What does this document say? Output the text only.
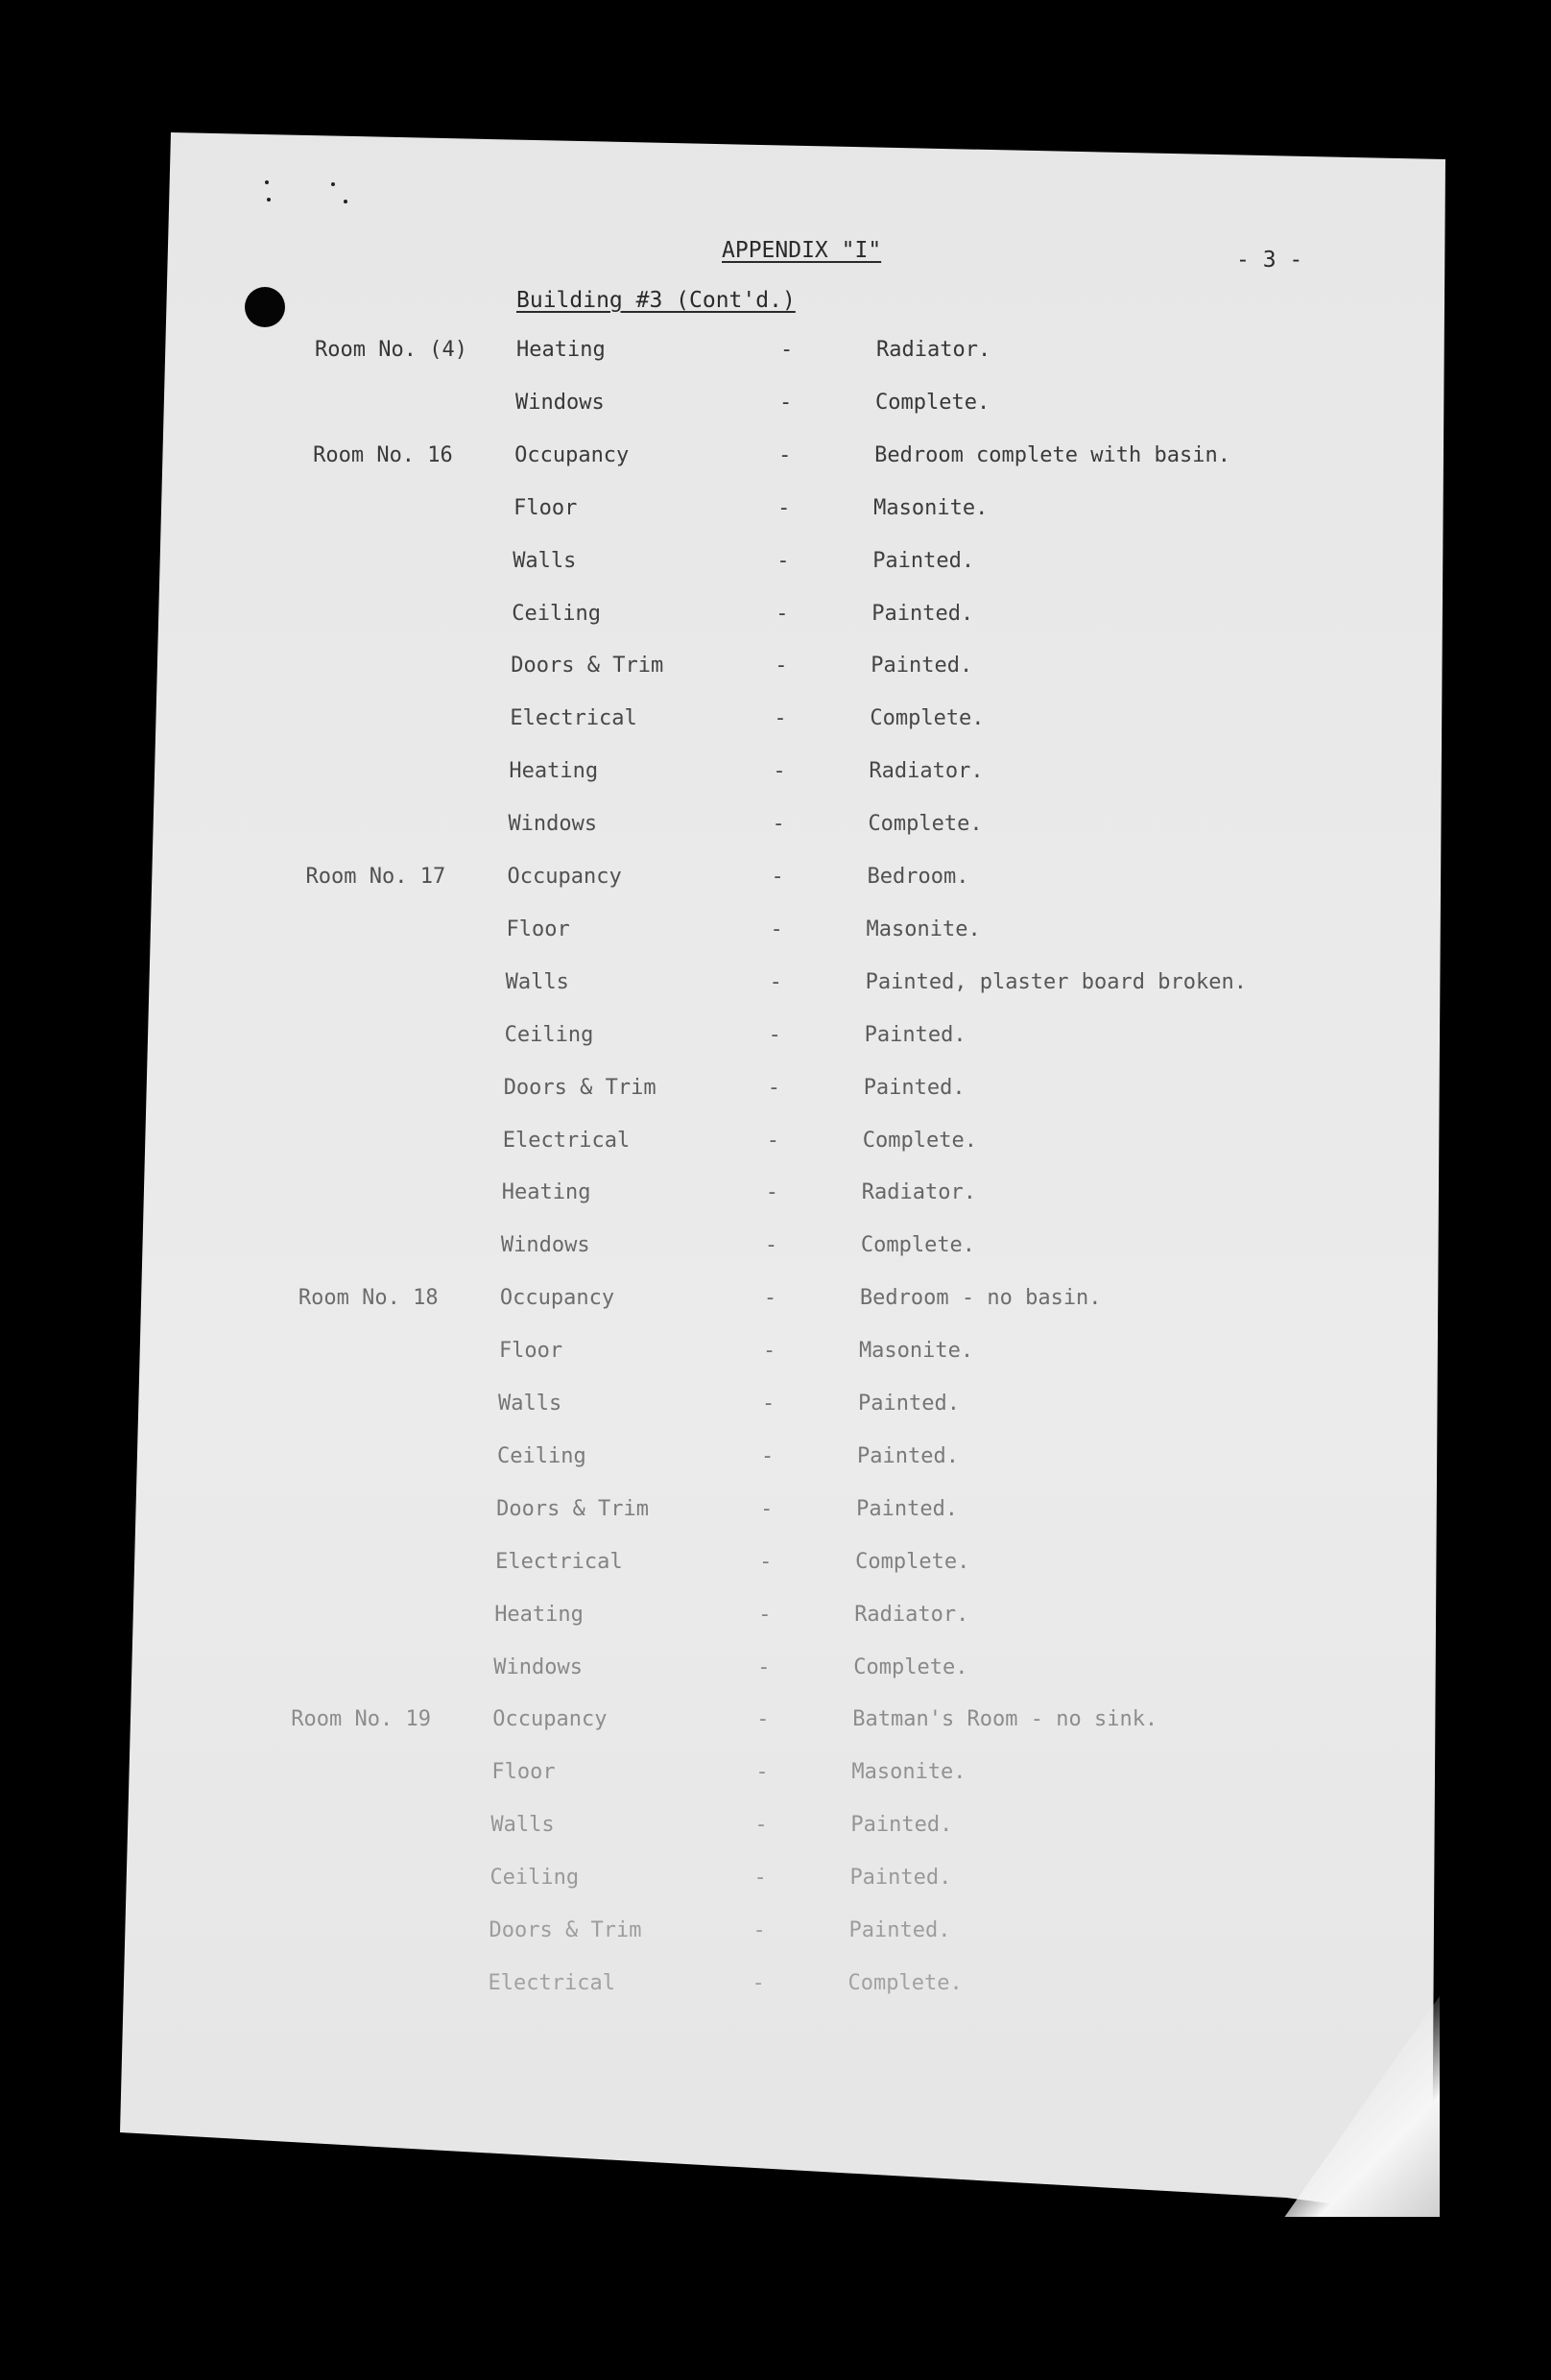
APPENDIX "I"	- 3 -
Building #3 (Cont'd.)
Room No. (4) Heating	-	Radiator.
Windows	-	Complete.
Room No. 16	Occupancy	-	Bedroom complete with basin.
Floor	-	Masonite.
Walls	-	Painted.
Ceiling	-	Painted.
Doors & Trim	-	Painted.
Electrical	-	Complete.
Heating	-	Radiator.
Windows	-	Complete.
Room No. 17	Occupancy	-	Bedroom.
Floor	-	Masonite.
Walls	-	Painted, plaster board broken.
Ceiling	-	Painted.
Doors & Trim	-	Painted.
Electrical	-	Complete.
Heating	-	Radiator.
Windows	-	Complete.
Room No. 18	Occupancy	-	Bedroom - no basin.
Floor	-	Masonite.
Walls	-	Painted.
Ceiling	-	Painted.
Doors & Trim	-	Painted.
Electrical	-	Complete.
Heating	-	Radiator.
Windows	-	Complete.
Room No. 19	Occupancy	-	Batman's Room - no sink.
Floor	-	Masonite.
Walls	-	Painted.
Ceiling	-	Painted.
Doors & Trim	-	Painted.
Electrical	-	Complete.
